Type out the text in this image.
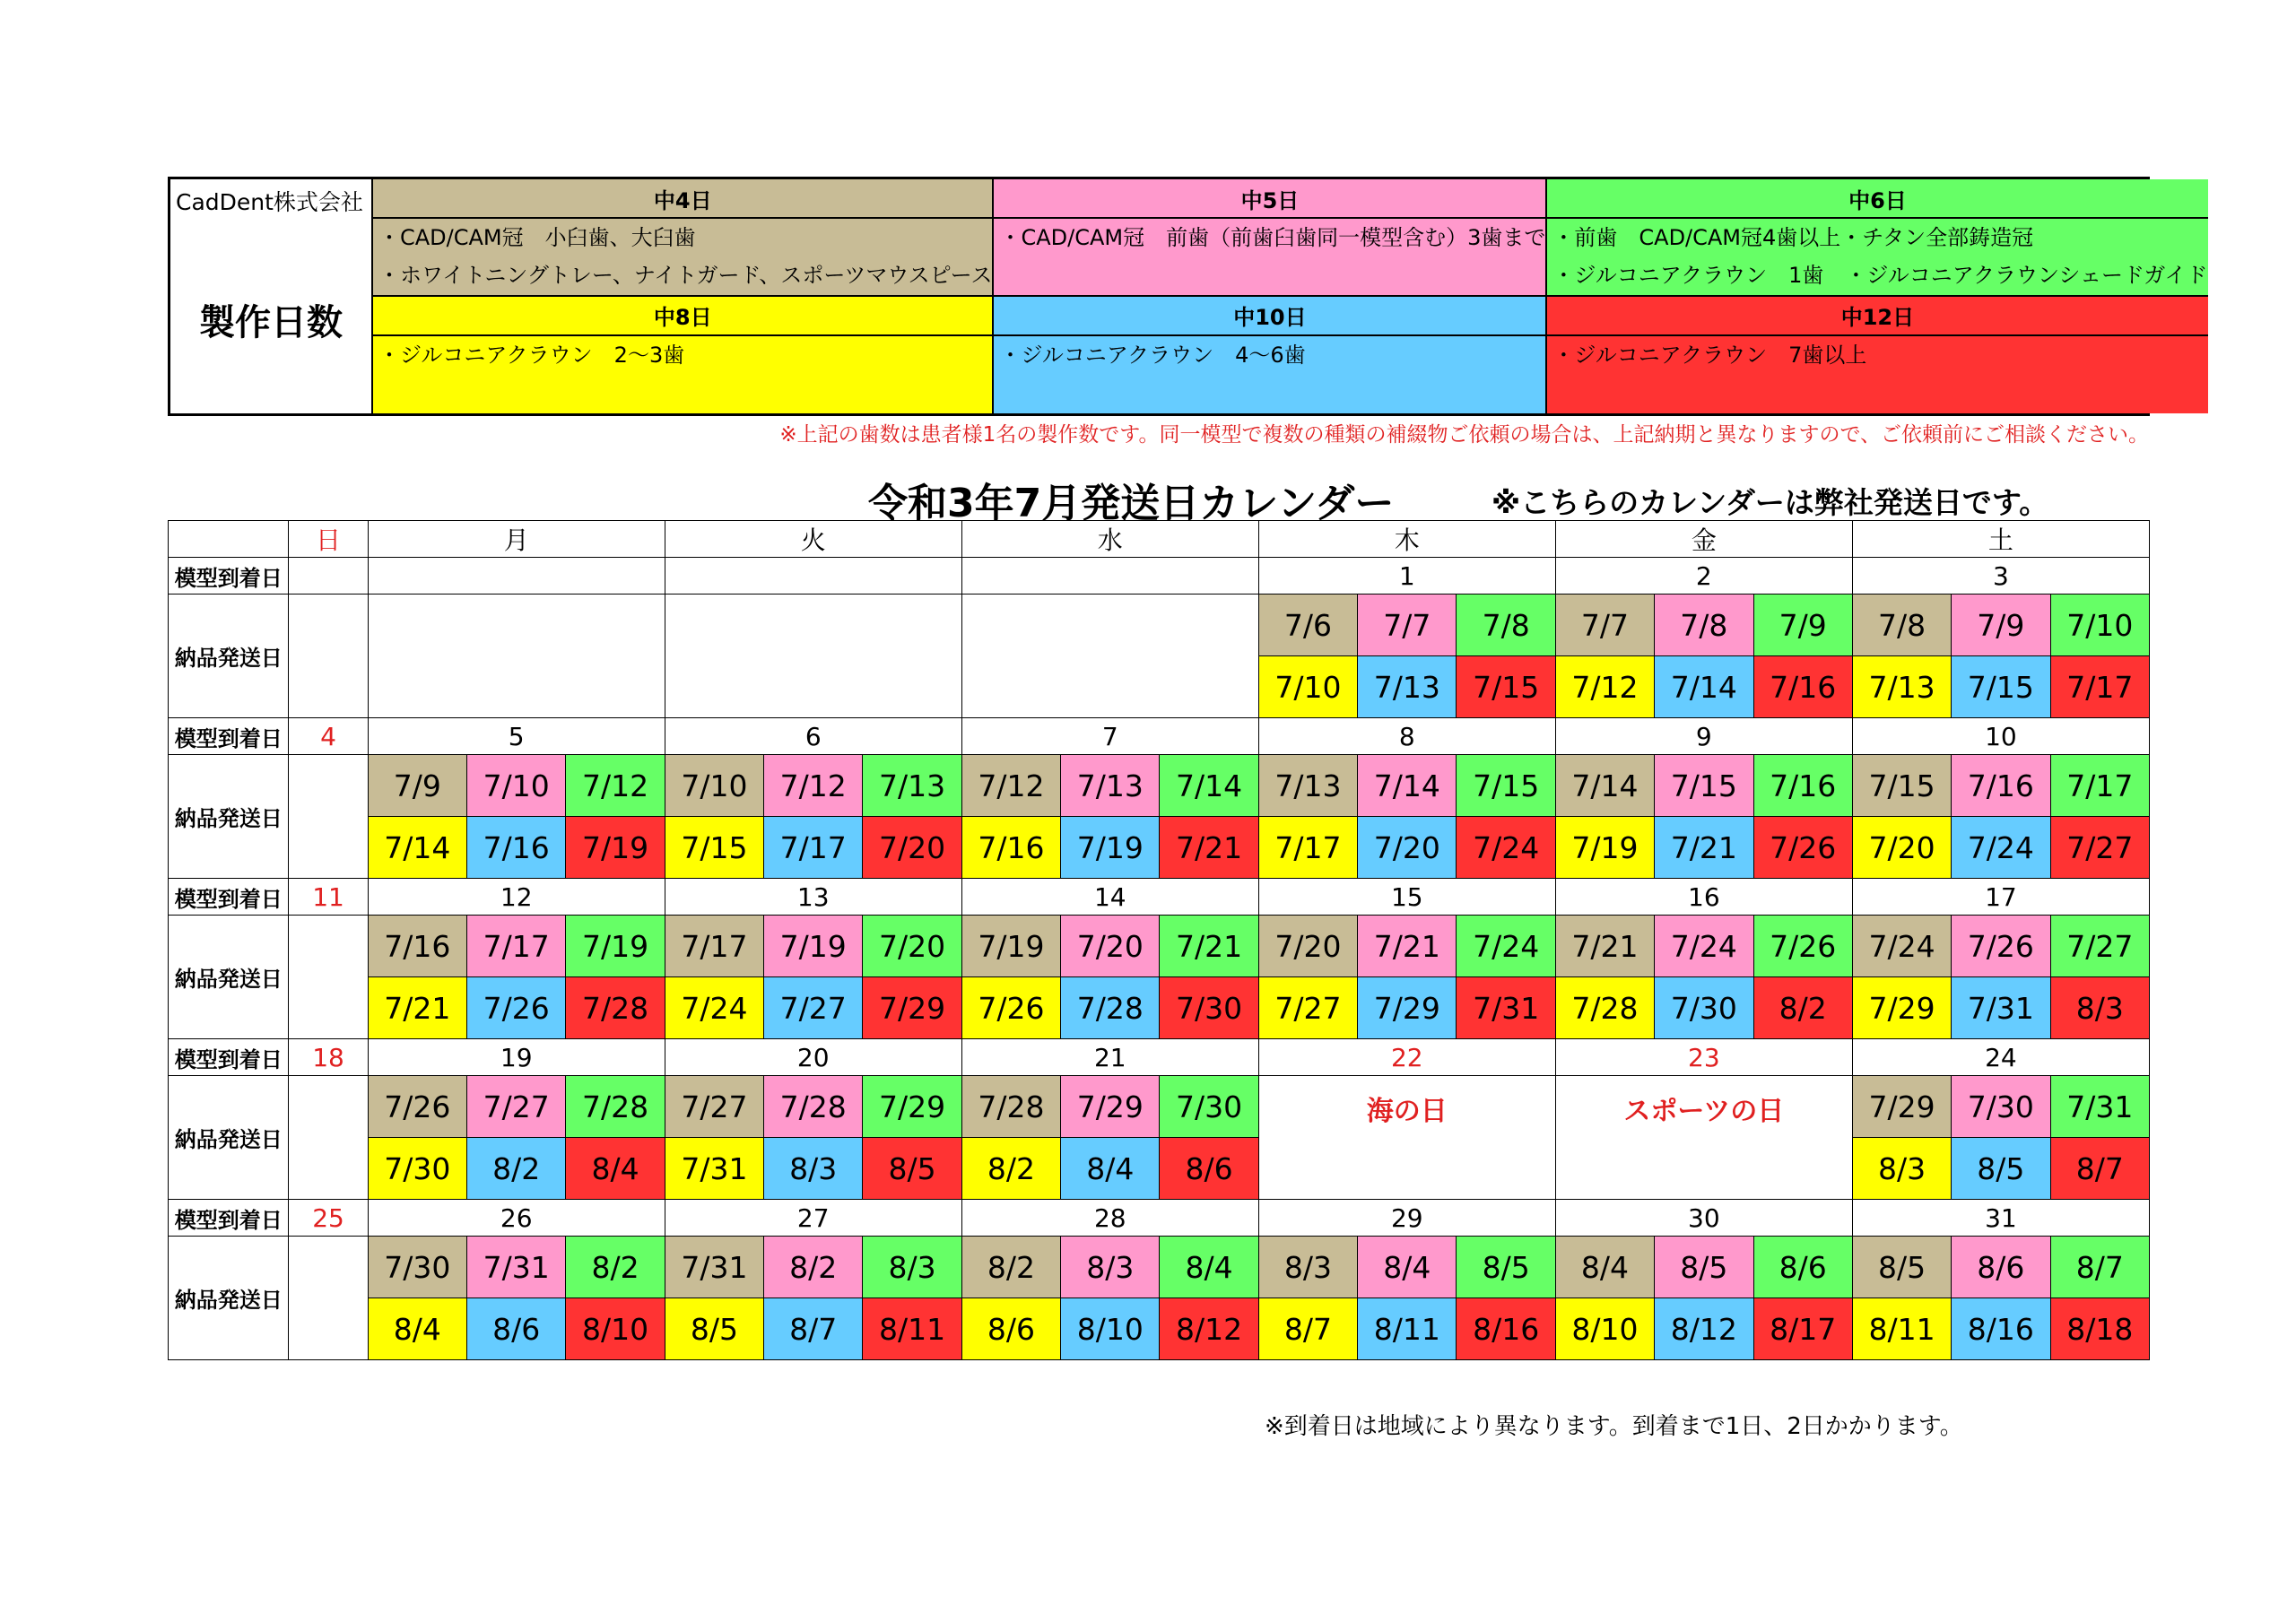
CadDent株式会社
製作日数
中4日
・CAD/CAM冠　小臼歯、大臼歯
・ホワイトニングトレー、ナイトガード、スポーツマウスピース
中5日
・CAD/CAM冠　前歯（前歯臼歯同一模型含む）3歯まで
中6日
・前歯　CAD/CAM冠4歯以上・チタン全部鋳造冠
・ジルコニアクラウン　1歯　・ジルコニアクラウンシェードガイド
中8日
・ジルコニアクラウン　2～3歯
中10日
・ジルコニアクラウン　4～6歯
中12日
・ジルコニアクラウン　7歯以上
※上記の歯数は患者様1名の製作数です。同一模型で複数の種類の補綴物ご依頼の場合は、上記納期と異なりますので、ご依頼前にご相談ください。
令和3年7月発送日カレンダー	※こちらのカレンダーは弊社発送日です。
	日	月			火			水			木			金			土		
模型到着日											1			2			3		
納品発送日											7/6	7/7	7/8	7/7	7/8	7/9	7/8	7/9	7/10
											7/10	7/13	7/15	7/12	7/14	7/16	7/13	7/15	7/17
模型到着日	4	5			6			7			8			9			10		
納品発送日		7/9	7/10	7/12	7/10	7/12	7/13	7/12	7/13	7/14	7/13	7/14	7/15	7/14	7/15	7/16	7/15	7/16	7/17
		7/14	7/16	7/19	7/15	7/17	7/20	7/16	7/19	7/21	7/17	7/20	7/24	7/19	7/21	7/26	7/20	7/24	7/27
模型到着日	11	12			13			14			15			16			17		
納品発送日		7/16	7/17	7/19	7/17	7/19	7/20	7/19	7/20	7/21	7/20	7/21	7/24	7/21	7/24	7/26	7/24	7/26	7/27
		7/21	7/26	7/28	7/24	7/27	7/29	7/26	7/28	7/30	7/27	7/29	7/31	7/28	7/30	8/2	7/29	7/31	8/3
模型到着日	18	19			20			21			22			23			24		
納品発送日		7/26	7/27	7/28	7/27	7/28	7/29	7/28	7/29	7/30	海の日			スポーツの日			7/29	7/30	7/31
		7/30	8/2	8/4	7/31	8/3	8/5	8/2	8/4	8/6							8/3	8/5	8/7
模型到着日	25	26			27			28			29			30			31		
納品発送日		7/30	7/31	8/2	7/31	8/2	8/3	8/2	8/3	8/4	8/3	8/4	8/5	8/4	8/5	8/6	8/5	8/6	8/7
		8/4	8/6	8/10	8/5	8/7	8/11	8/6	8/10	8/12	8/7	8/11	8/16	8/10	8/12	8/17	8/11	8/16	8/18
※到着日は地域により異なります。到着まで1日、2日かかります。
